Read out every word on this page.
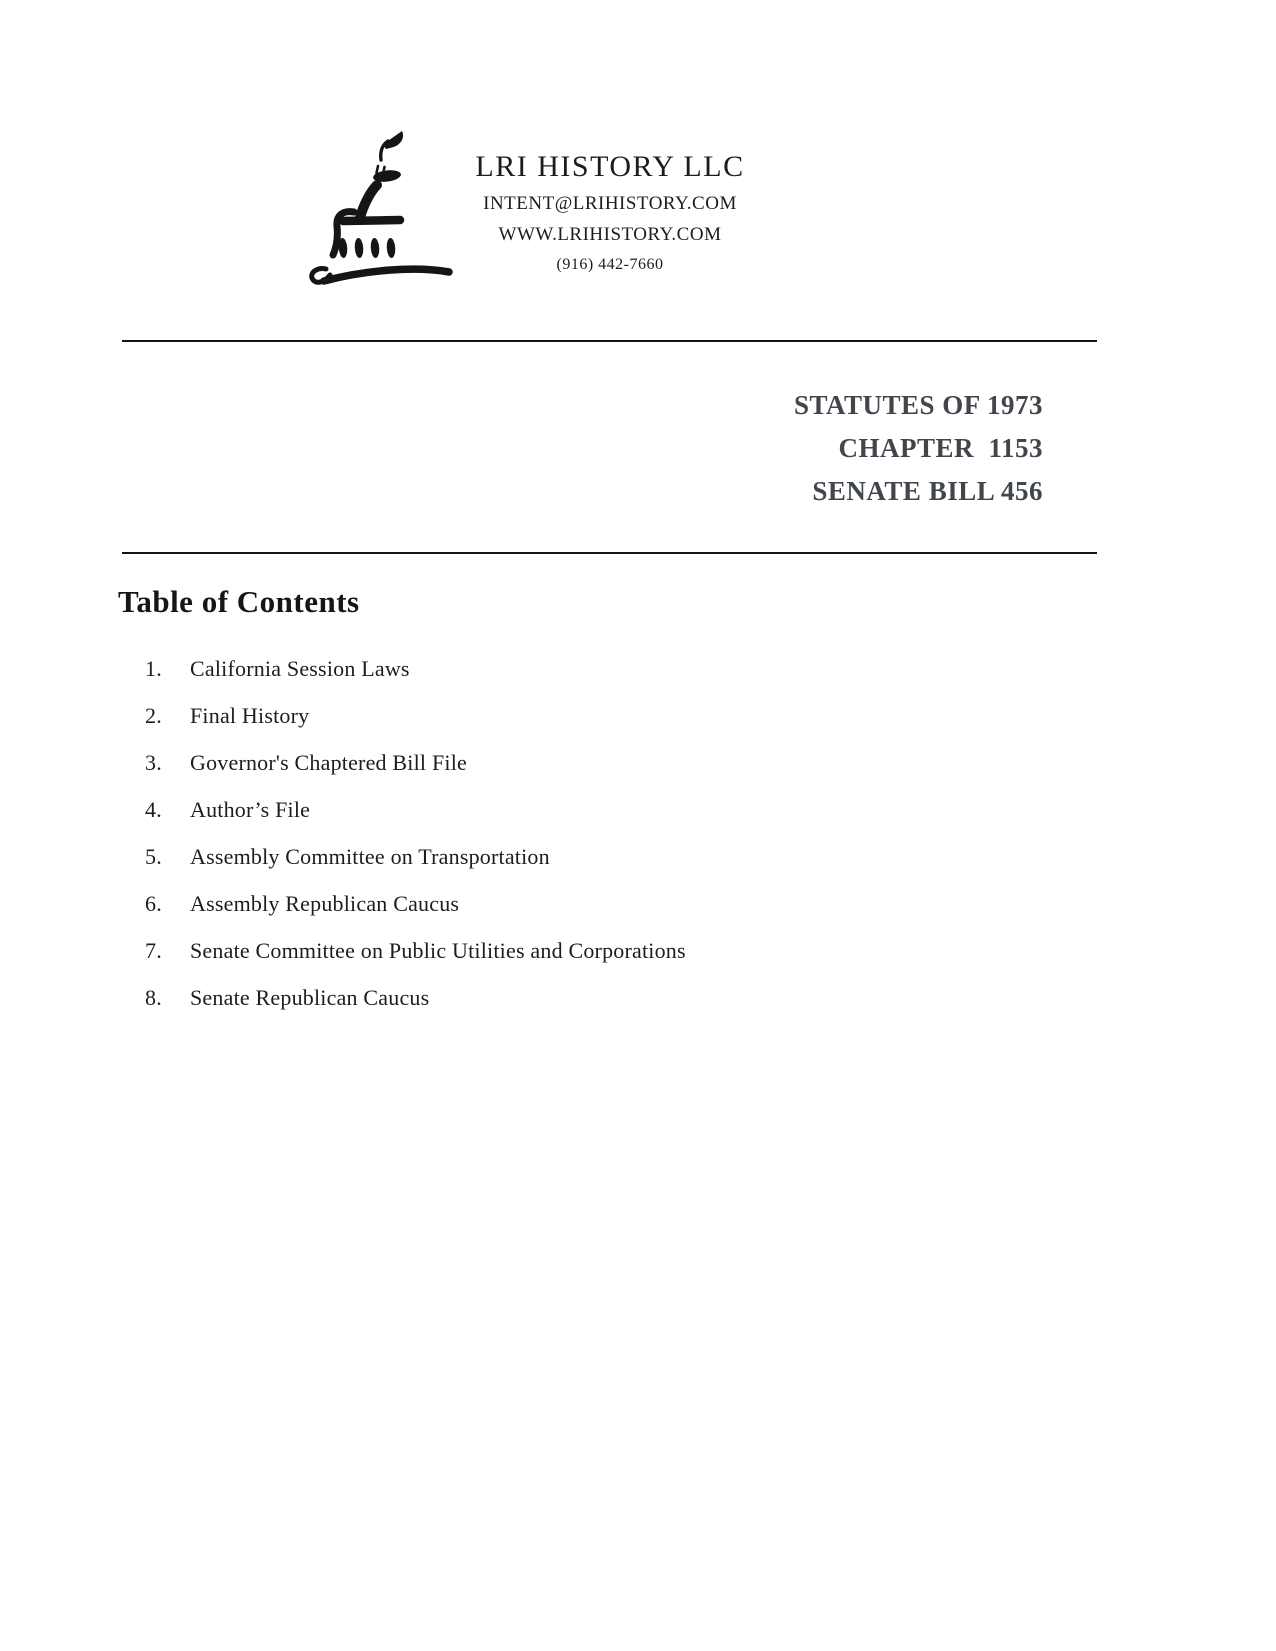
LRI HISTORY LLC
INTENT@LRIHISTORY.COM
WWW.LRIHISTORY.COM
(916) 442-7660
STATUTES OF 1973
CHAPTER  1153
SENATE BILL 456
Table of Contents
1.	California Session Laws
2.	Final History
3.	Governor's Chaptered Bill File
4.	Author’s File
5.	Assembly Committee on Transportation
6.	Assembly Republican Caucus
7.	Senate Committee on Public Utilities and Corporations
8.	Senate Republican Caucus
